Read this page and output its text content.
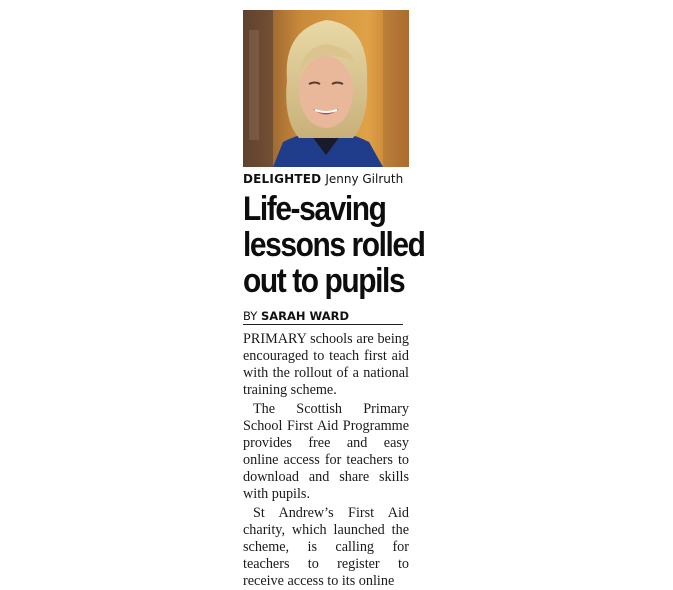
DELIGHTED Jenny Gilruth
Life-saving
lessons rolled
out to pupils
BY SARAH WARD

PRIMARY schools are being encouraged to teach first aid with the rollout of a national training scheme.

The Scottish Primary School First Aid Programme provides free and easy online access for teachers to download and share skills with pupils.

St Andrew’s First Aid charity, which launched the scheme, is calling for teachers to register to receive access to its online
